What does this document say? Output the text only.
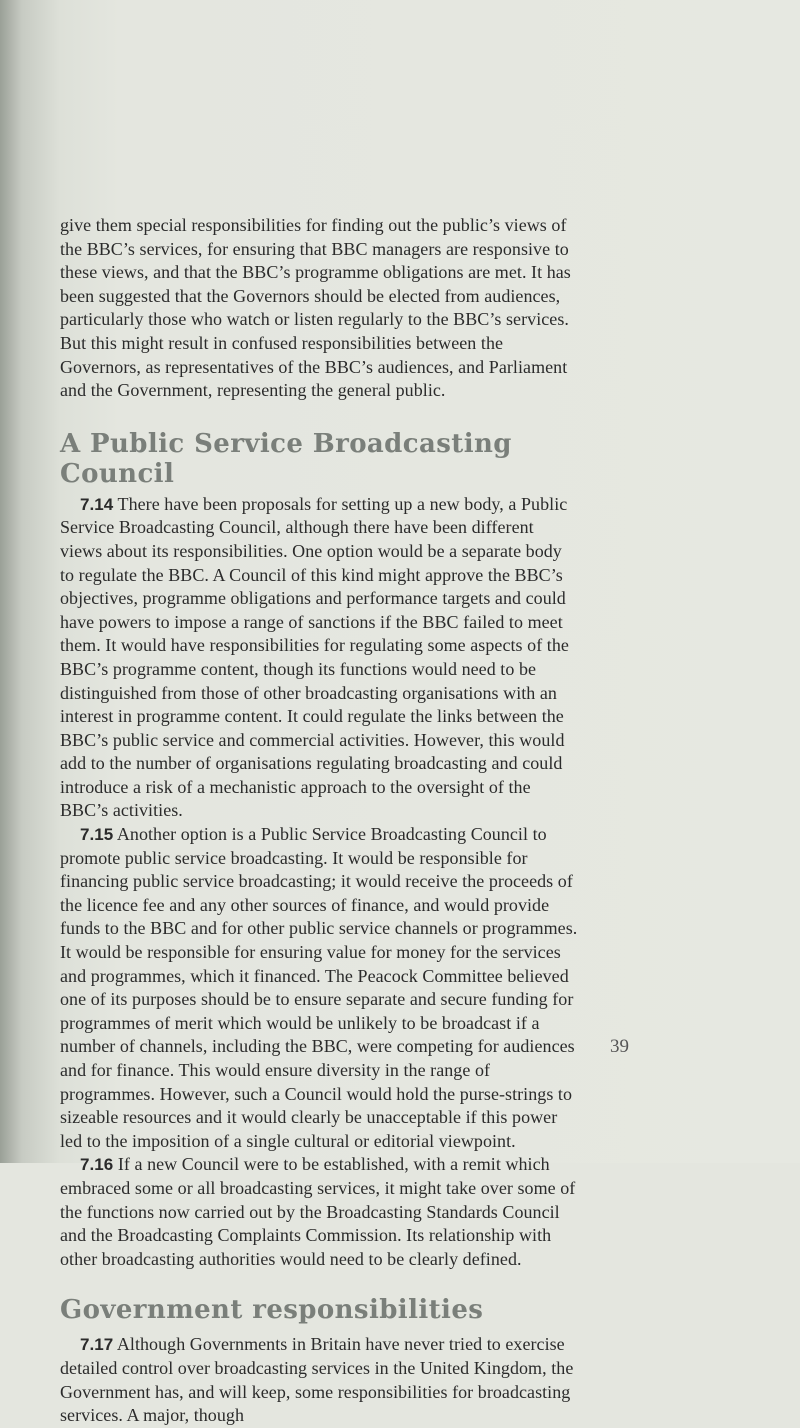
give them special responsibilities for finding out the public’s views of the BBC’s services, for ensuring that BBC managers are responsive to these views, and that the BBC’s programme obligations are met. It has been suggested that the Governors should be elected from audiences, particularly those who watch or listen regularly to the BBC’s services. But this might result in confused responsibilities between the Governors, as representatives of the BBC’s audiences, and Parliament and the Government, representing the general public.

A Public Service Broadcasting Council

7.14 There have been proposals for setting up a new body, a Public Service Broadcasting Council, although there have been different views about its responsibilities. One option would be a separate body to regulate the BBC. A Council of this kind might approve the BBC’s objectives, programme obligations and performance targets and could have powers to impose a range of sanctions if the BBC failed to meet them. It would have responsibilities for regulating some aspects of the BBC’s programme content, though its functions would need to be distinguished from those of other broadcasting organisations with an interest in programme content. It could regulate the links between the BBC’s public service and commercial activities. However, this would add to the number of organisations regulating broadcasting and could introduce a risk of a mechanistic approach to the oversight of the BBC’s activities.

7.15 Another option is a Public Service Broadcasting Council to promote public service broadcasting. It would be responsible for financing public service broadcasting; it would receive the proceeds of the licence fee and any other sources of finance, and would provide funds to the BBC and for other public service channels or programmes. It would be responsible for ensuring value for money for the services and programmes, which it financed. The Peacock Committee believed one of its purposes should be to ensure separate and secure funding for programmes of merit which would be unlikely to be broadcast if a number of channels, including the BBC, were competing for audiences and for finance. This would ensure diversity in the range of programmes. However, such a Council would hold the purse-strings to sizeable resources and it would clearly be unacceptable if this power led to the imposition of a single cultural or editorial viewpoint.

7.16 If a new Council were to be established, with a remit which embraced some or all broadcasting services, it might take over some of the functions now carried out by the Broadcasting Standards Council and the Broadcasting Complaints Commission. Its relationship with other broadcasting authorities would need to be clearly defined.

Government responsibilities

7.17 Although Governments in Britain have never tried to exercise detailed control over broadcasting services in the United Kingdom, the Government has, and will keep, some responsibilities for broadcasting services. A major, though

39
